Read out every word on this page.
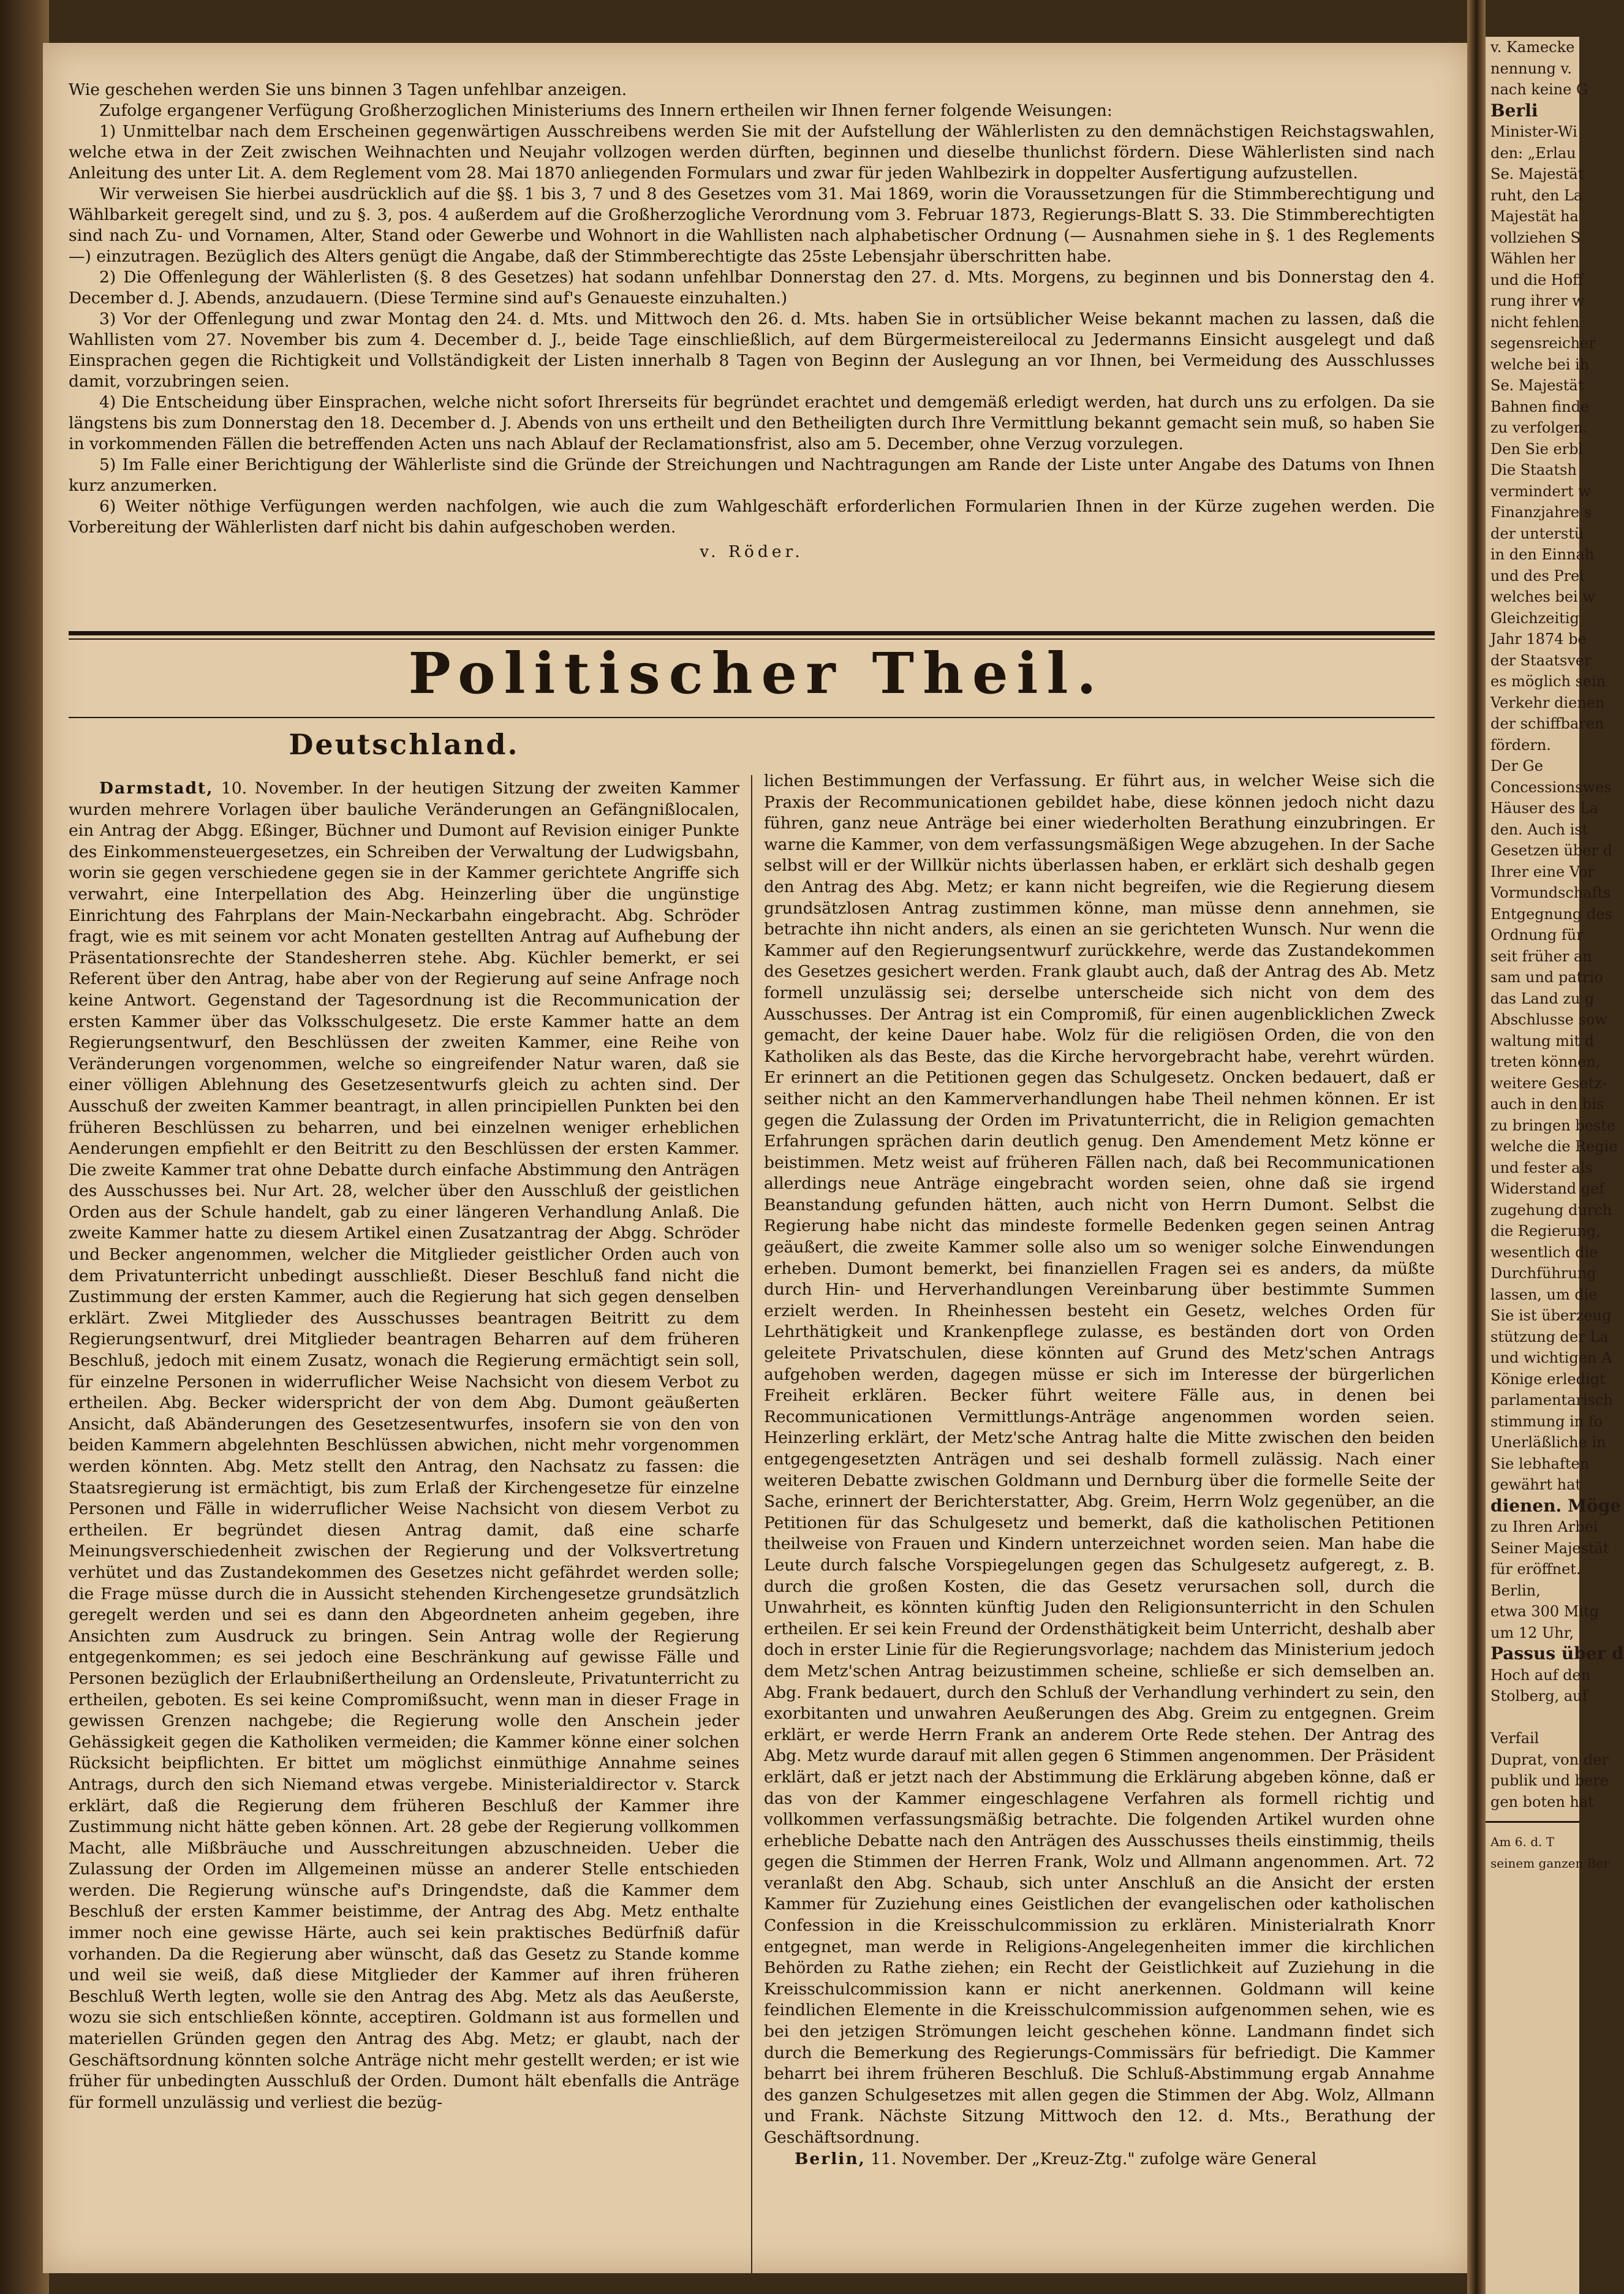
Wie geschehen werden Sie uns binnen 3 Tagen unfehlbar anzeigen.

Zufolge ergangener Verfügung Großherzoglichen Ministeriums des Innern ertheilen wir Ihnen ferner folgende Weisungen:

1) Unmittelbar nach dem Erscheinen gegenwärtigen Ausschreibens werden Sie mit der Aufstellung der Wählerlisten zu den demnächstigen Reichstagswahlen, welche etwa in der Zeit zwischen Weihnachten und Neujahr vollzogen werden dürften, beginnen und dieselbe thunlichst fördern. Diese Wählerlisten sind nach Anleitung des unter Lit. A. dem Reglement vom 28. Mai 1870 anliegenden Formulars und zwar für jeden Wahlbezirk in doppelter Ausfertigung aufzustellen.

Wir verweisen Sie hierbei ausdrücklich auf die §§. 1 bis 3, 7 und 8 des Gesetzes vom 31. Mai 1869, worin die Voraussetzungen für die Stimmberechtigung und Wählbarkeit geregelt sind, und zu §. 3, pos. 4 außerdem auf die Großherzogliche Verordnung vom 3. Februar 1873, Regierungs-Blatt S. 33. Die Stimmberechtigten sind nach Zu- und Vornamen, Alter, Stand oder Gewerbe und Wohnort in die Wahllisten nach alphabetischer Ordnung (— Ausnahmen siehe in §. 1 des Reglements —) einzutragen. Bezüglich des Alters genügt die Angabe, daß der Stimmberechtigte das 25ste Lebensjahr überschritten habe.

2) Die Offenlegung der Wählerlisten (§. 8 des Gesetzes) hat sodann unfehlbar Donnerstag den 27. d. Mts. Morgens, zu beginnen und bis Donnerstag den 4. December d. J. Abends, anzudauern. (Diese Termine sind auf's Genaueste einzuhalten.)

3) Vor der Offenlegung und zwar Montag den 24. d. Mts. und Mittwoch den 26. d. Mts. haben Sie in ortsüblicher Weise bekannt machen zu lassen, daß die Wahllisten vom 27. November bis zum 4. December d. J., beide Tage einschließlich, auf dem Bürgermeistereilocal zu Jedermanns Einsicht ausgelegt und daß Einsprachen gegen die Richtigkeit und Vollständigkeit der Listen innerhalb 8 Tagen von Beginn der Auslegung an vor Ihnen, bei Vermeidung des Ausschlusses damit, vorzubringen seien.

4) Die Entscheidung über Einsprachen, welche nicht sofort Ihrerseits für begründet erachtet und demgemäß erledigt werden, hat durch uns zu erfolgen. Da sie längstens bis zum Donnerstag den 18. December d. J. Abends von uns ertheilt und den Betheiligten durch Ihre Vermittlung bekannt gemacht sein muß, so haben Sie in vorkommenden Fällen die betreffenden Acten uns nach Ablauf der Reclamationsfrist, also am 5. December, ohne Verzug vorzulegen.

5) Im Falle einer Berichtigung der Wählerliste sind die Gründe der Streichungen und Nachtragungen am Rande der Liste unter Angabe des Datums von Ihnen kurz anzumerken.

6) Weiter nöthige Verfügungen werden nachfolgen, wie auch die zum Wahlgeschäft erforderlichen Formularien Ihnen in der Kürze zugehen werden. Die Vorbereitung der Wählerlisten darf nicht bis dahin aufgeschoben werden.

v. Röder.

Politischer Theil.
Deutschland.

Darmstadt, 10. November. In der heutigen Sitzung der zweiten Kammer wurden mehrere Vorlagen über bauliche Veränderungen an Gefängnißlocalen, ein Antrag der Abgg. Eßinger, Büchner und Dumont auf Revision einiger Punkte des Einkommensteuergesetzes, ein Schreiben der Verwaltung der Ludwigsbahn, worin sie gegen verschiedene gegen sie in der Kammer gerichtete Angriffe sich verwahrt, eine Interpellation des Abg. Heinzerling über die ungünstige Einrichtung des Fahrplans der Main-Neckarbahn eingebracht. Abg. Schröder fragt, wie es mit seinem vor acht Monaten gestellten Antrag auf Aufhebung der Präsentationsrechte der Standesherren stehe. Abg. Küchler bemerkt, er sei Referent über den Antrag, habe aber von der Regierung auf seine Anfrage noch keine Antwort. Gegenstand der Tagesordnung ist die Recommunication der ersten Kammer über das Volksschulgesetz. Die erste Kammer hatte an dem Regierungsentwurf, den Beschlüssen der zweiten Kammer, eine Reihe von Veränderungen vorgenommen, welche so eingreifender Natur waren, daß sie einer völligen Ablehnung des Gesetzesentwurfs gleich zu achten sind. Der Ausschuß der zweiten Kammer beantragt, in allen principiellen Punkten bei den früheren Beschlüssen zu beharren, und bei einzelnen weniger erheblichen Aenderungen empfiehlt er den Beitritt zu den Beschlüssen der ersten Kammer. Die zweite Kammer trat ohne Debatte durch einfache Abstimmung den Anträgen des Ausschusses bei. Nur Art. 28, welcher über den Ausschluß der geistlichen Orden aus der Schule handelt, gab zu einer längeren Verhandlung Anlaß. Die zweite Kammer hatte zu diesem Artikel einen Zusatzantrag der Abgg. Schröder und Becker angenommen, welcher die Mitglieder geistlicher Orden auch von dem Privatunterricht unbedingt ausschließt. Dieser Beschluß fand nicht die Zustimmung der ersten Kammer, auch die Regierung hat sich gegen denselben erklärt. Zwei Mitglieder des Ausschusses beantragen Beitritt zu dem Regierungsentwurf, drei Mitglieder beantragen Beharren auf dem früheren Beschluß, jedoch mit einem Zusatz, wonach die Regierung ermächtigt sein soll, für einzelne Personen in widerruflicher Weise Nachsicht von diesem Verbot zu ertheilen. Abg. Becker widerspricht der von dem Abg. Dumont geäußerten Ansicht, daß Abänderungen des Gesetzesentwurfes, insofern sie von den von beiden Kammern abgelehnten Beschlüssen abwichen, nicht mehr vorgenommen werden könnten. Abg. Metz stellt den Antrag, den Nachsatz zu fassen: die Staatsregierung ist ermächtigt, bis zum Erlaß der Kirchengesetze für einzelne Personen und Fälle in widerruflicher Weise Nachsicht von diesem Verbot zu ertheilen. Er begründet diesen Antrag damit, daß eine scharfe Meinungsverschiedenheit zwischen der Regierung und der Volksvertretung verhütet und das Zustandekommen des Gesetzes nicht gefährdet werden solle; die Frage müsse durch die in Aussicht stehenden Kirchengesetze grundsätzlich geregelt werden und sei es dann den Abgeordneten anheim gegeben, ihre Ansichten zum Ausdruck zu bringen. Sein Antrag wolle der Regierung entgegenkommen; es sei jedoch eine Beschränkung auf gewisse Fälle und Personen bezüglich der Erlaubnißertheilung an Ordensleute, Privatunterricht zu ertheilen, geboten. Es sei keine Compromißsucht, wenn man in dieser Frage in gewissen Grenzen nachgebe; die Regierung wolle den Anschein jeder Gehässigkeit gegen die Katholiken vermeiden; die Kammer könne einer solchen Rücksicht beipflichten. Er bittet um möglichst einmüthige Annahme seines Antrags, durch den sich Niemand etwas vergebe. Ministerialdirector v. Starck erklärt, daß die Regierung dem früheren Beschluß der Kammer ihre Zustimmung nicht hätte geben können. Art. 28 gebe der Regierung vollkommen Macht, alle Mißbräuche und Ausschreitungen abzuschneiden. Ueber die Zulassung der Orden im Allgemeinen müsse an anderer Stelle entschieden werden. Die Regierung wünsche auf's Dringendste, daß die Kammer dem Beschluß der ersten Kammer beistimme, der Antrag des Abg. Metz enthalte immer noch eine gewisse Härte, auch sei kein praktisches Bedürfniß dafür vorhanden. Da die Regierung aber wünscht, daß das Gesetz zu Stande komme und weil sie weiß, daß diese Mitglieder der Kammer auf ihren früheren Beschluß Werth legten, wolle sie den Antrag des Abg. Metz als das Aeußerste, wozu sie sich entschließen könnte, acceptiren. Goldmann ist aus formellen und materiellen Gründen gegen den Antrag des Abg. Metz; er glaubt, nach der Geschäftsordnung könnten solche Anträge nicht mehr gestellt werden; er ist wie früher für unbedingten Ausschluß der Orden. Dumont hält ebenfalls die Anträge für formell unzulässig und verliest die bezüg-

lichen Bestimmungen der Verfassung. Er führt aus, in welcher Weise sich die Praxis der Recommunicationen gebildet habe, diese können jedoch nicht dazu führen, ganz neue Anträge bei einer wiederholten Berathung einzubringen. Er warne die Kammer, von dem verfassungsmäßigen Wege abzugehen. In der Sache selbst will er der Willkür nichts überlassen haben, er erklärt sich deshalb gegen den Antrag des Abg. Metz; er kann nicht begreifen, wie die Regierung diesem grundsätzlosen Antrag zustimmen könne, man müsse denn annehmen, sie betrachte ihn nicht anders, als einen an sie gerichteten Wunsch. Nur wenn die Kammer auf den Regierungsentwurf zurückkehre, werde das Zustandekommen des Gesetzes gesichert werden. Frank glaubt auch, daß der Antrag des Ab. Metz formell unzulässig sei; derselbe unterscheide sich nicht von dem des Ausschusses. Der Antrag ist ein Compromiß, für einen augenblicklichen Zweck gemacht, der keine Dauer habe. Wolz für die religiösen Orden, die von den Katholiken als das Beste, das die Kirche hervorgebracht habe, verehrt würden. Er erinnert an die Petitionen gegen das Schulgesetz. Oncken bedauert, daß er seither nicht an den Kammerverhandlungen habe Theil nehmen können. Er ist gegen die Zulassung der Orden im Privatunterricht, die in Religion gemachten Erfahrungen sprächen darin deutlich genug. Den Amendement Metz könne er beistimmen. Metz weist auf früheren Fällen nach, daß bei Recommunicationen allerdings neue Anträge eingebracht worden seien, ohne daß sie irgend Beanstandung gefunden hätten, auch nicht von Herrn Dumont. Selbst die Regierung habe nicht das mindeste formelle Bedenken gegen seinen Antrag geäußert, die zweite Kammer solle also um so weniger solche Einwendungen erheben. Dumont bemerkt, bei finanziellen Fragen sei es anders, da müßte durch Hin- und Herverhandlungen Vereinbarung über bestimmte Summen erzielt werden. In Rheinhessen besteht ein Gesetz, welches Orden für Lehrthätigkeit und Krankenpflege zulasse, es beständen dort von Orden geleitete Privatschulen, diese könnten auf Grund des Metz'schen Antrags aufgehoben werden, dagegen müsse er sich im Interesse der bürgerlichen Freiheit erklären. Becker führt weitere Fälle aus, in denen bei Recommunicationen Vermittlungs-Anträge angenommen worden seien. Heinzerling erklärt, der Metz'sche Antrag halte die Mitte zwischen den beiden entgegengesetzten Anträgen und sei deshalb formell zulässig. Nach einer weiteren Debatte zwischen Goldmann und Dernburg über die formelle Seite der Sache, erinnert der Berichterstatter, Abg. Greim, Herrn Wolz gegenüber, an die Petitionen für das Schulgesetz und bemerkt, daß die katholischen Petitionen theilweise von Frauen und Kindern unterzeichnet worden seien. Man habe die Leute durch falsche Vorspiegelungen gegen das Schulgesetz aufgeregt, z. B. durch die großen Kosten, die das Gesetz verursachen soll, durch die Unwahrheit, es könnten künftig Juden den Religionsunterricht in den Schulen ertheilen. Er sei kein Freund der Ordensthätigkeit beim Unterricht, deshalb aber doch in erster Linie für die Regierungsvorlage; nachdem das Ministerium jedoch dem Metz'schen Antrag beizustimmen scheine, schließe er sich demselben an. Abg. Frank bedauert, durch den Schluß der Verhandlung verhindert zu sein, den exorbitanten und unwahren Aeußerungen des Abg. Greim zu entgegnen. Greim erklärt, er werde Herrn Frank an anderem Orte Rede stehen. Der Antrag des Abg. Metz wurde darauf mit allen gegen 6 Stimmen angenommen. Der Präsident erklärt, daß er jetzt nach der Abstimmung die Erklärung abgeben könne, daß er das von der Kammer eingeschlagene Verfahren als formell richtig und vollkommen verfassungsmäßig betrachte. Die folgenden Artikel wurden ohne erhebliche Debatte nach den Anträgen des Ausschusses theils einstimmig, theils gegen die Stimmen der Herren Frank, Wolz und Allmann angenommen. Art. 72 veranlaßt den Abg. Schaub, sich unter Anschluß an die Ansicht der ersten Kammer für Zuziehung eines Geistlichen der evangelischen oder katholischen Confession in die Kreisschulcommission zu erklären. Ministerialrath Knorr entgegnet, man werde in Religions-Angelegenheiten immer die kirchlichen Behörden zu Rathe ziehen; ein Recht der Geistlichkeit auf Zuziehung in die Kreisschulcommission kann er nicht anerkennen. Goldmann will keine feindlichen Elemente in die Kreisschulcommission aufgenommen sehen, wie es bei den jetzigen Strömungen leicht geschehen könne. Landmann findet sich durch die Bemerkung des Regierungs-Commissärs für befriedigt. Die Kammer beharrt bei ihrem früheren Beschluß. Die Schluß-Abstimmung ergab Annahme des ganzen Schulgesetzes mit allen gegen die Stimmen der Abg. Wolz, Allmann und Frank. Nächste Sitzung Mittwoch den 12. d. Mts., Berathung der Geschäftsordnung.

Berlin, 11. November. Der „Kreuz-Ztg." zufolge wäre General

v. Kamecke
nennung v.
nach keine G
Berli
Minister-Wi
den: „Erlau
Se. Majestät
ruht, den La
Majestät ha
vollziehen S
Wählen her
und die Hoff
rung ihrer w
nicht fehlen
segensreicher
welche bei ih
Se. Majestät
Bahnen finde
zu verfolgen.
Den Sie erbl
Die Staatsh
vermindert w
Finanzjahre s
der unterstü
in den Einnah
und des Prei
welches bei w
Gleichzeitig
Jahr 1874 be
der Staatsver
es möglich sein
Verkehr dienen
der schiffbaren
fördern.
Der Ge
Concessionswes
Häuser des La
den. Auch ist
Gesetzen über d
Ihrer eine Vor
Vormundschafts
Entgegnung des
Ordnung für
seit früher an
sam und patrio
das Land zu g
Abschlusse sow
waltung mit d
treten können,
weitere Gesetz-
auch in den bis
zu bringen beste
welche die Regie
und fester als
Widerstand gef
zugehung durch
die Regierung,
wesentlich die
Durchführung
lassen, um die
Sie ist überzeug
stützung der La
und wichtigen A
Könige erledigt
parlamentarisch
stimmung in fo
Unerläßliche in
Sie lebhaften
gewährt hat
dienen. Möge
zu Ihren Arbei
Seiner Majestät
für eröffnet.
Berlin,
etwa 300 Mitg
um 12 Uhr,
Passus über d
Hoch auf den
Stolberg, auf

Verfail
Duprat, von der
publik und bere
gen boten hat
Am 6. d. T
seinem ganzen Ber
